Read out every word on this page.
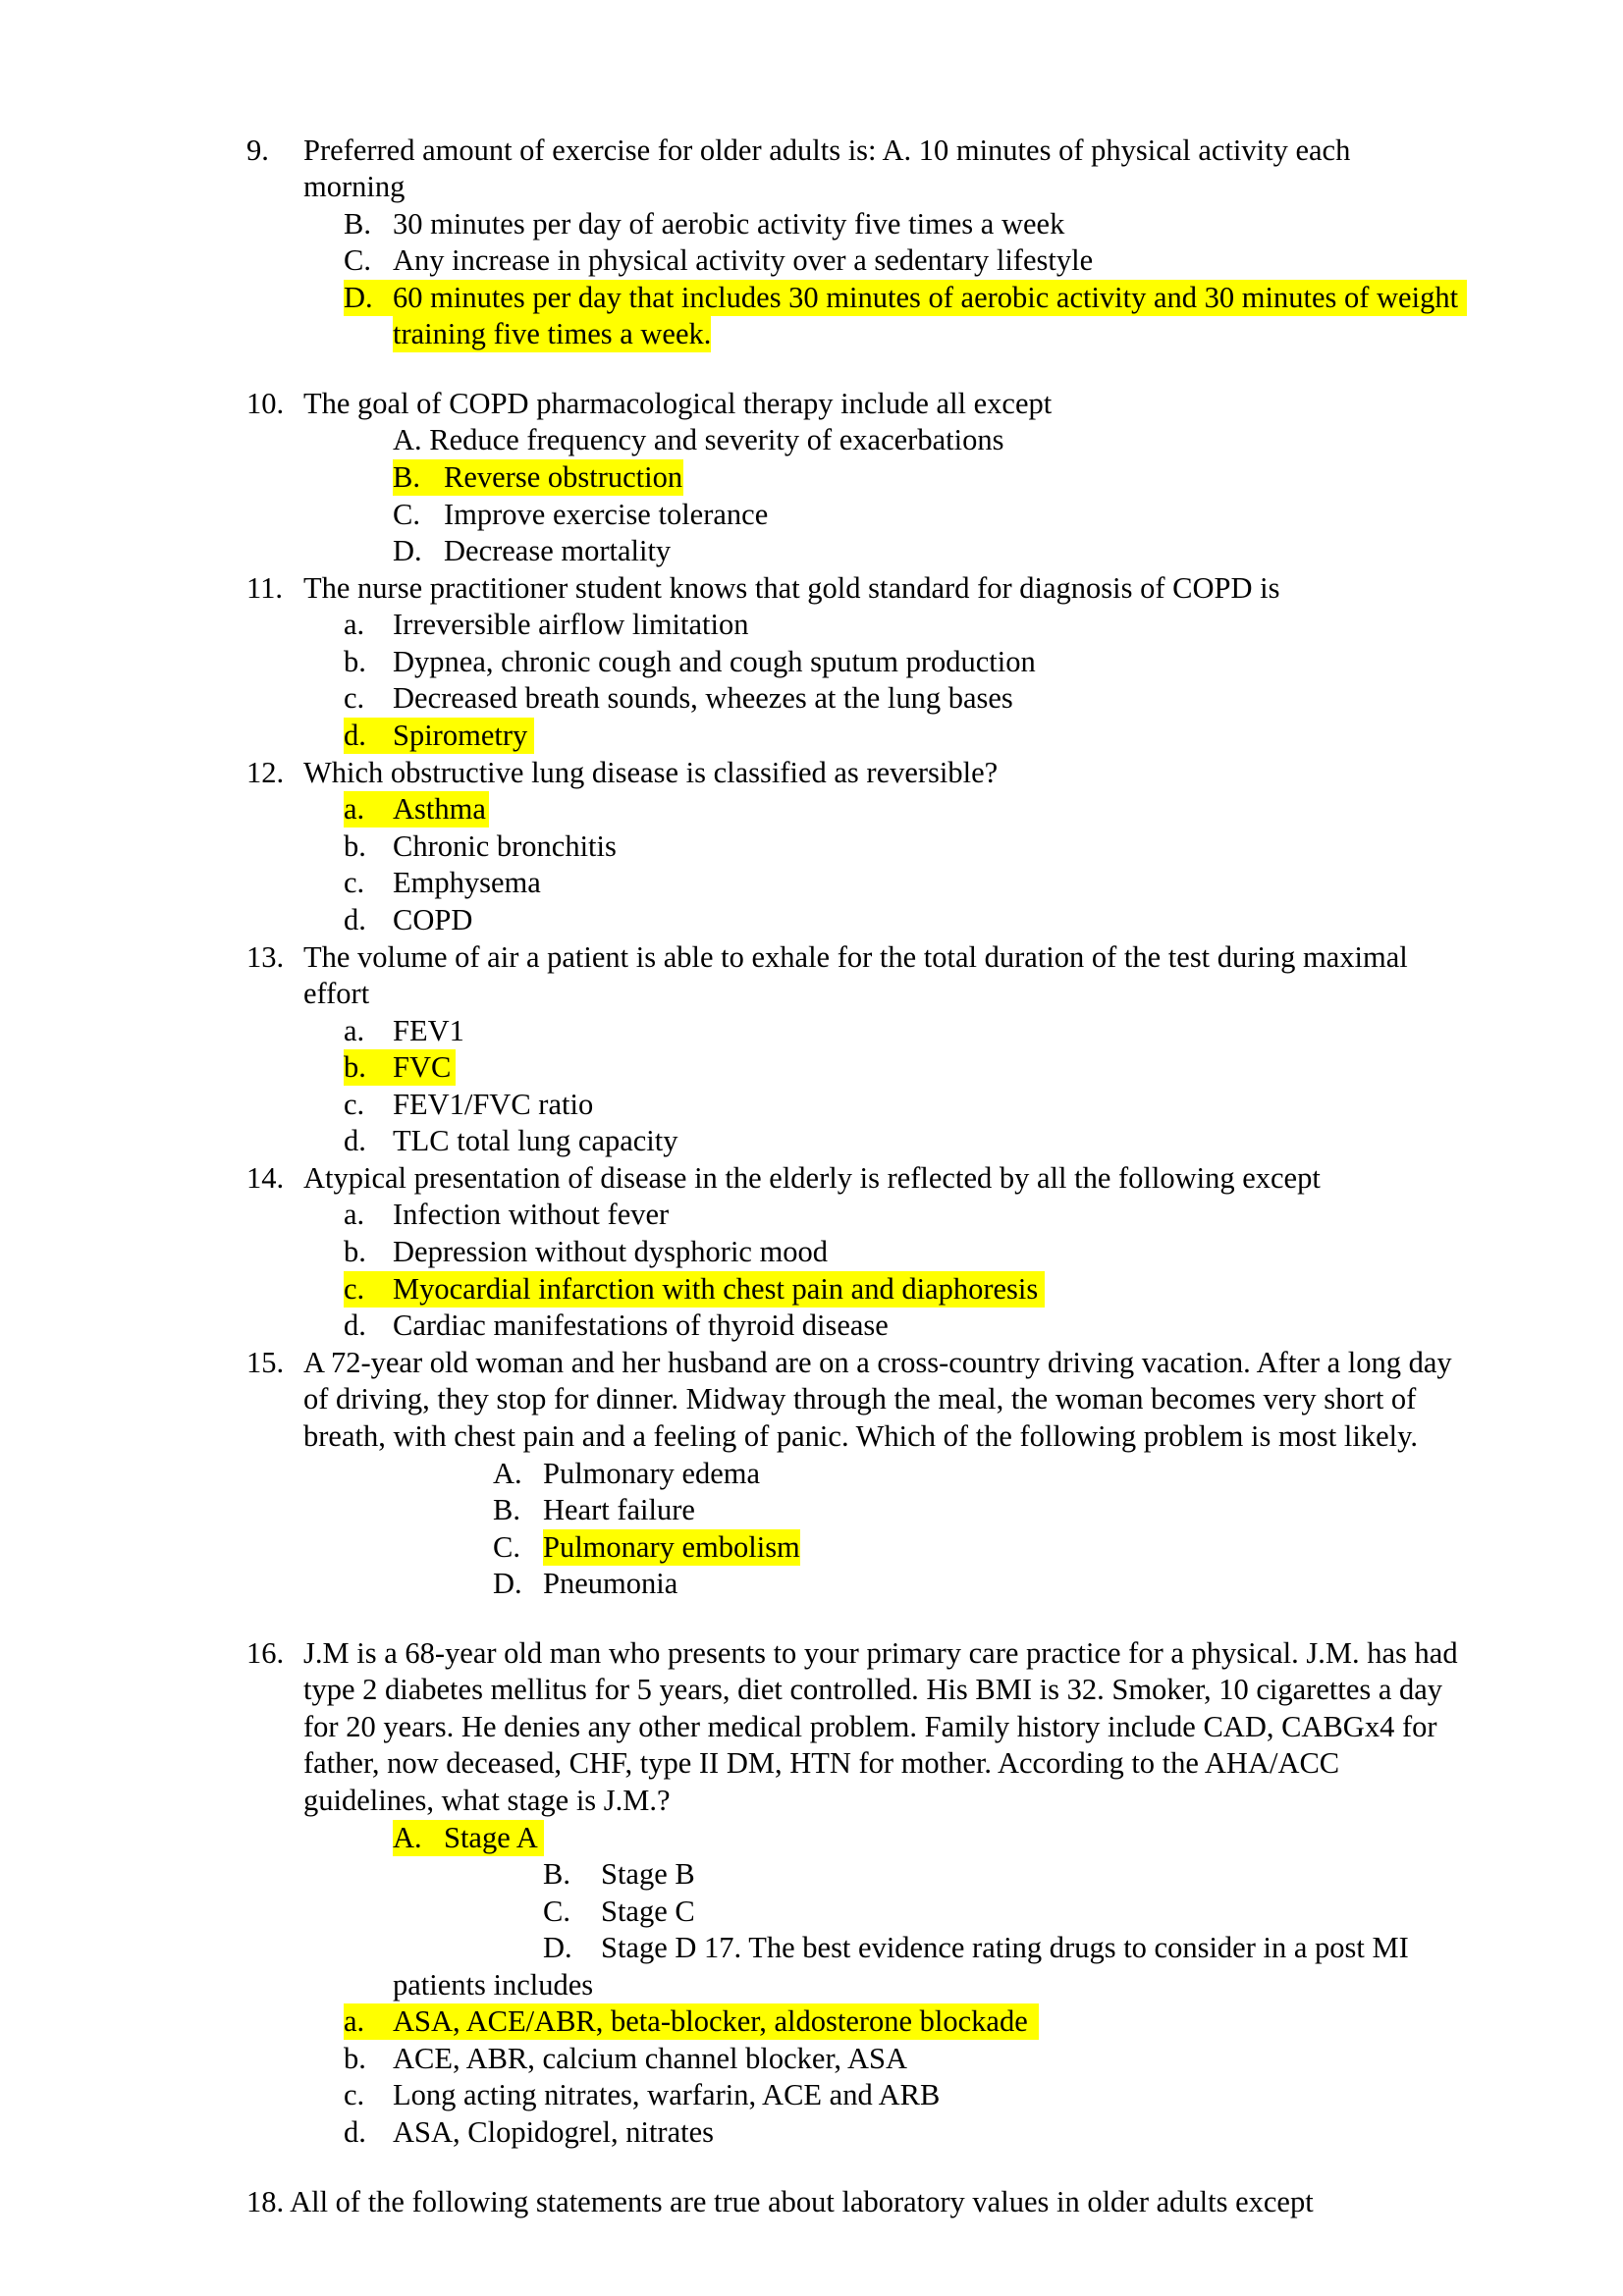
9. Preferred amount of exercise for older adults is: A. 10 minutes of physical activity each
morning
B. 30 minutes per day of aerobic activity five times a week
C. Any increase in physical activity over a sedentary lifestyle
D. 60 minutes per day that includes 30 minutes of aerobic activity and 30 minutes of weight

training five times a week.
10. The goal of COPD pharmacological therapy include all except
A. Reduce frequency and severity of exacerbations
B. Reverse obstruction

C. Improve exercise tolerance
D. Decrease mortality
11. The nurse practitioner student knows that gold standard for diagnosis of COPD is
a. Irreversible airflow limitation
b. Dypnea, chronic cough and cough sputum production
c. Decreased breath sounds, wheezes at the lung bases
d. Spirometry

12. Which obstructive lung disease is classified as reversible?
a. Asthma

b. Chronic bronchitis
c. Emphysema
d. COPD
13. The volume of air a patient is able to exhale for the total duration of the test during maximal
effort
a. FEV1
b. FVC

c. FEV1/FVC ratio
d. TLC total lung capacity
14. Atypical presentation of disease in the elderly is reflected by all the following except
a. Infection without fever
b. Depression without dysphoric mood
c. Myocardial infarction with chest pain and diaphoresis

d. Cardiac manifestations of thyroid disease
15. A 72-year old woman and her husband are on a cross-country driving vacation. After a long day
of driving, they stop for dinner. Midway through the meal, the woman becomes very short of
breath, with chest pain and a feeling of panic. Which of the following problem is most likely.
A. Pulmonary edema
B. Heart failure
C. Pulmonary embolism
D. Pneumonia
16. J.M is a 68-year old man who presents to your primary care practice for a physical. J.M. has had
type 2 diabetes mellitus for 5 years, diet controlled. His BMI is 32. Smoker, 10 cigarettes a day
for 20 years. He denies any other medical problem. Family history include CAD, CABGx4 for
father, now deceased, CHF, type II DM, HTN for mother. According to the AHA/ACC
guidelines, what stage is J.M.?
A. Stage A

B. Stage B
C. Stage C
D. Stage D 17. The best evidence rating drugs to consider in a post MI
patients includes
a. ASA, ACE/ABR, beta-blocker, aldosterone blockade

b. ACE, ABR, calcium channel blocker, ASA
c. Long acting nitrates, warfarin, ACE and ARB
d. ASA, Clopidogrel, nitrates
18. All of the following statements are true about laboratory values in older adults except
